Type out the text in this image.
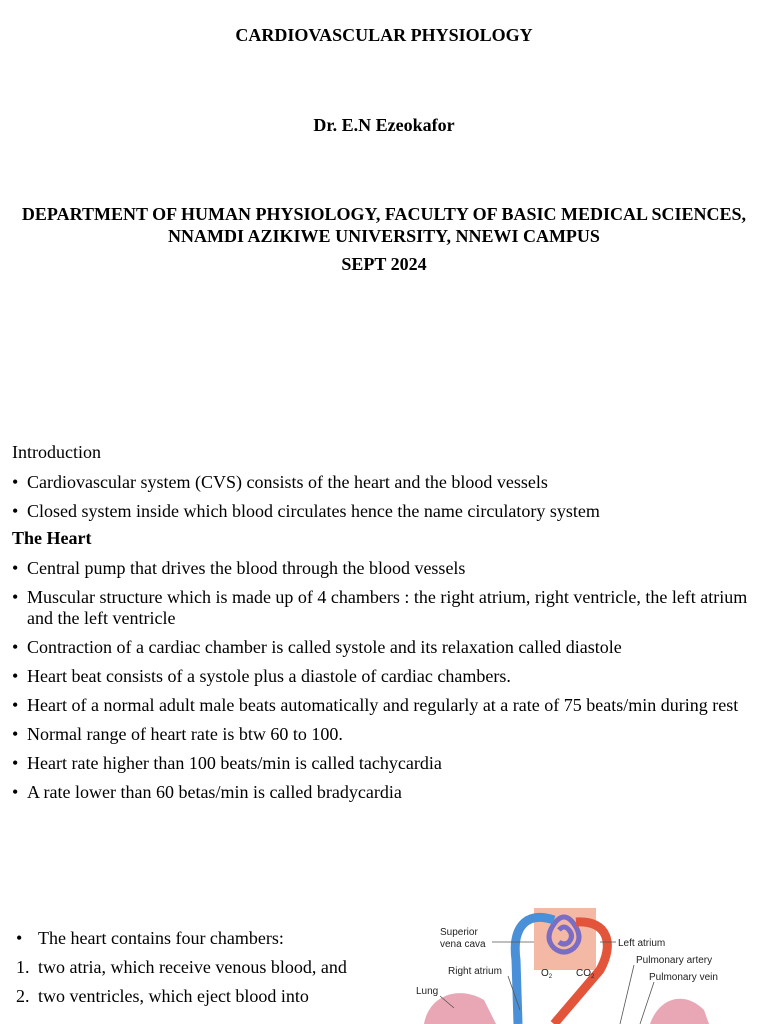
CARDIOVASCULAR PHYSIOLOGY
Dr. E.N Ezeokafor
DEPARTMENT OF HUMAN PHYSIOLOGY, FACULTY OF BASIC MEDICAL SCIENCES, NNAMDI AZIKIWE UNIVERSITY, NNEWI CAMPUS
SEPT 2024
Introduction
• Cardiovascular system (CVS) consists of the heart and the blood vessels
• Closed system inside which blood circulates hence the name circulatory system
The Heart
• Central pump that drives the blood through the blood vessels
• Muscular structure which is made up of 4 chambers : the right atrium, right ventricle, the left atrium and the left ventricle
• Contraction of a cardiac chamber is called systole and its relaxation called diastole
• Heart beat consists of a systole plus a diastole of cardiac chambers.
• Heart of a normal adult male beats automatically and regularly at a rate of 75 beats/min during rest
• Normal range of heart rate is btw 60 to 100.
• Heart rate higher than 100 beats/min is called tachycardia
• A rate lower than 60 betas/min is called bradycardia
• The heart contains four chambers:
1. two atria, which receive venous blood, and
2. two ventricles, which eject blood into
Superior
vena cava	Left atrium
Pulmonary artery
Right atrium
Pulmonary vein
Lung
$O_2$ $CO_2$
